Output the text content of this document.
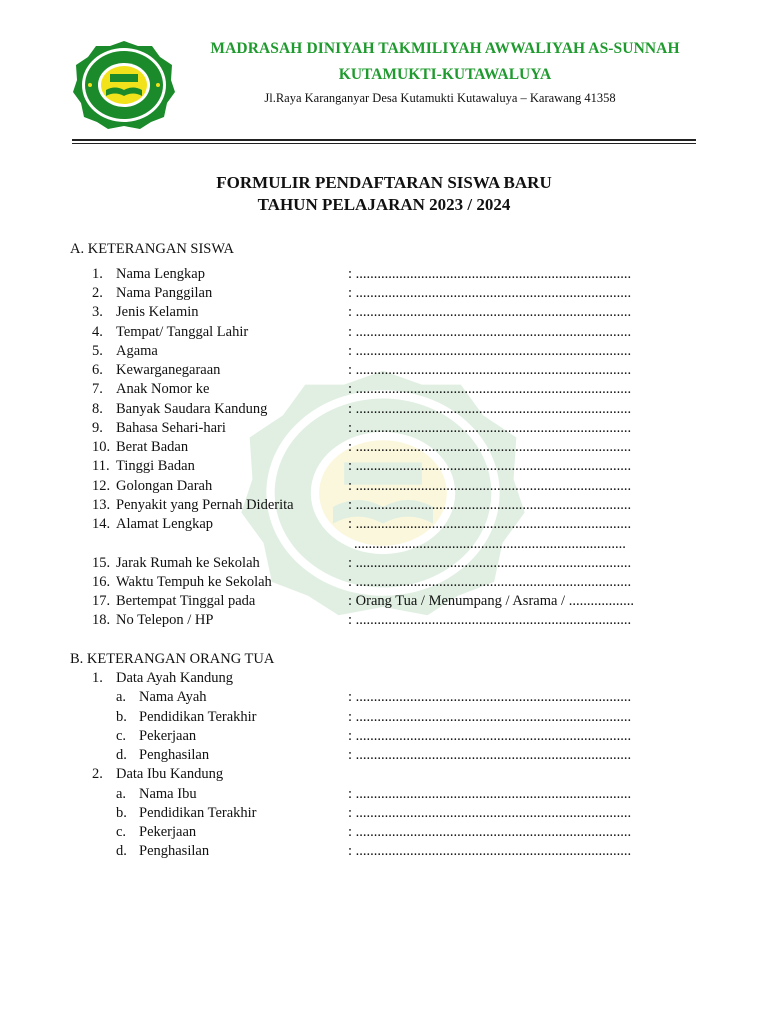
MADRASAH DINIYAH TAKMILIYAH AWWALIYAH AS-SUNNAH
KUTAMUKTI-KUTAWALUYA
Jl.Raya Karanganyar Desa Kutamukti Kutawaluya – Karawang 41358
FORMULIR PENDAFTARAN SISWA BARU
TAHUN PELAJARAN 2023 / 2024
A. KETERANGAN SISWA
1. Nama Lengkap	: ............................................................................
2. Nama Panggilan	: ............................................................................
3. Jenis Kelamin	: ............................................................................
4. Tempat/ Tanggal Lahir	: ............................................................................
5. Agama	: ............................................................................
6. Kewarganegaraan	: ............................................................................
7. Anak Nomor ke	: ............................................................................
8. Banyak Saudara Kandung	: ............................................................................
9. Bahasa Sehari-hari	: ............................................................................
10. Berat Badan	: ............................................................................
11. Tinggi Badan	: ............................................................................
12. Golongan Darah	: ............................................................................
13. Penyakit yang Pernah Diderita	: ............................................................................
14. Alamat Lengkap	: ............................................................................
...........................................................................
15. Jarak Rumah ke Sekolah	: ............................................................................
16. Waktu Tempuh ke Sekolah	: ............................................................................
17. Bertempat Tinggal pada	: Orang Tua / Menumpang / Asrama / ..................
18. No Telepon / HP	: ............................................................................
B. KETERANGAN ORANG TUA
1. Data Ayah Kandung
a. Nama Ayah	: ............................................................................
b. Pendidikan Terakhir	: ............................................................................
c. Pekerjaan	: ............................................................................
d. Penghasilan	: ............................................................................
2. Data Ibu Kandung
a. Nama Ibu	: ............................................................................
b. Pendidikan Terakhir	: ............................................................................
c. Pekerjaan	: ............................................................................
d. Penghasilan	: ............................................................................
